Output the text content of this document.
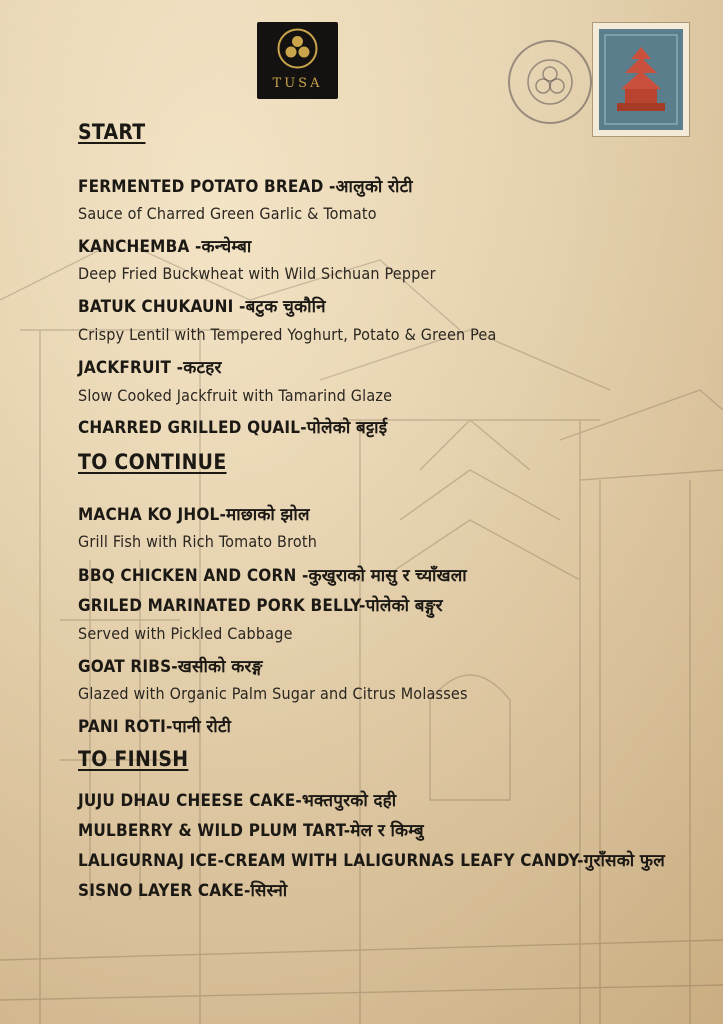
TUSA
START
FERMENTED POTATO BREAD -आलुको रोटी
Sauce of Charred Green Garlic & Tomato
KANCHEMBA -कन्चेम्बा
Deep Fried Buckwheat with Wild Sichuan Pepper
BATUK CHUKAUNI -बटुक चुकौनि
Crispy Lentil with Tempered Yoghurt, Potato & Green Pea
JACKFRUIT -कटहर
Slow Cooked Jackfruit with Tamarind Glaze
CHARRED GRILLED QUAIL-पोलेको बट्टाई
TO CONTINUE
MACHA KO JHOL-माछाको झोल
Grill Fish with Rich Tomato Broth
BBQ CHICKEN AND CORN -कुखुराको मासु र च्याँखला
GRILED MARINATED PORK BELLY-पोलेको बङ्गुर
Served with Pickled Cabbage
GOAT RIBS-खसीको करङ्ग
Glazed with Organic Palm Sugar and Citrus Molasses
PANI ROTI-पानी रोटी
TO FINISH
JUJU DHAU CHEESE CAKE-भक्तपुरको दही
MULBERRY & WILD PLUM TART-मेल र किम्बु
LALIGURNAJ ICE-CREAM WITH LALIGURNAS LEAFY CANDY-गुराँसको फुल
SISNO LAYER CAKE-सिस्नो
